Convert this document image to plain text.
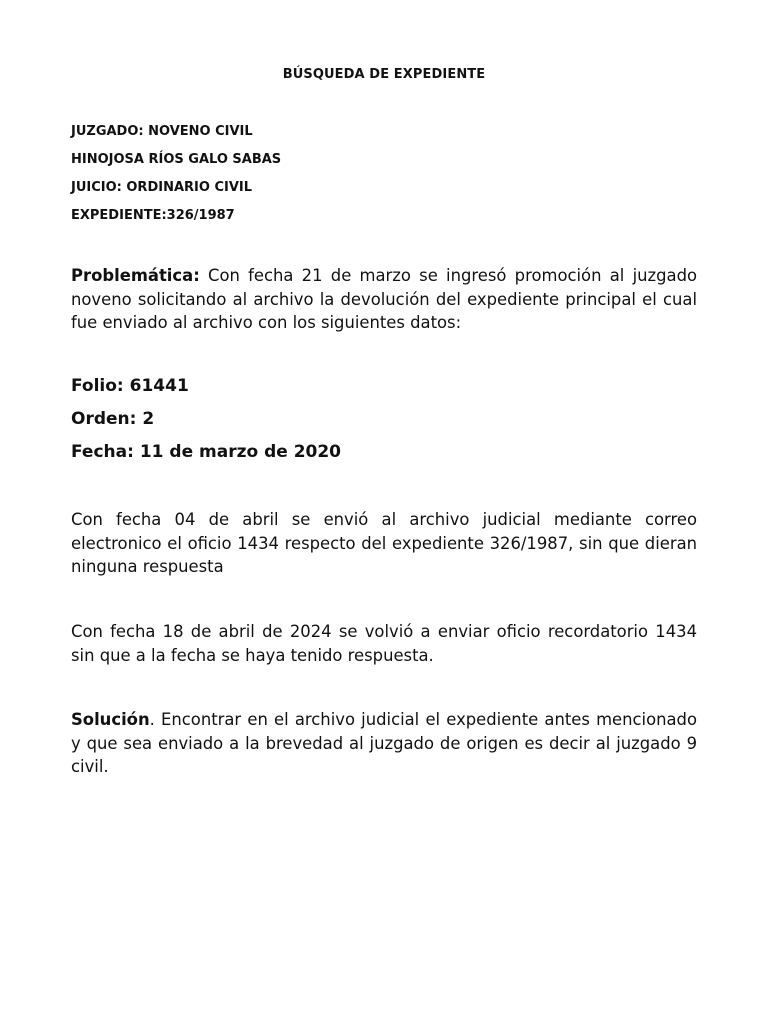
BÚSQUEDA DE EXPEDIENTE
JUZGADO: NOVENO CIVIL
HINOJOSA RÍOS GALO SABAS
JUICIO: ORDINARIO CIVIL
EXPEDIENTE:326/1987
Problemática: Con fecha 21 de marzo se ingresó promoción al juzgado noveno solicitando al archivo la devolución del expediente principal el cual fue enviado al archivo con los siguientes datos:
Folio: 61441
Orden: 2
Fecha: 11 de marzo de 2020
Con fecha 04 de abril se envió al archivo judicial mediante correo electronico el oficio 1434 respecto del expediente 326/1987, sin que dieran ninguna respuesta
Con fecha 18 de abril de 2024 se volvió a enviar oficio recordatorio 1434 sin que a la fecha se haya tenido respuesta.
Solución. Encontrar en el archivo judicial el expediente antes mencionado y que sea enviado a la brevedad al juzgado de origen es decir al juzgado 9 civil.
